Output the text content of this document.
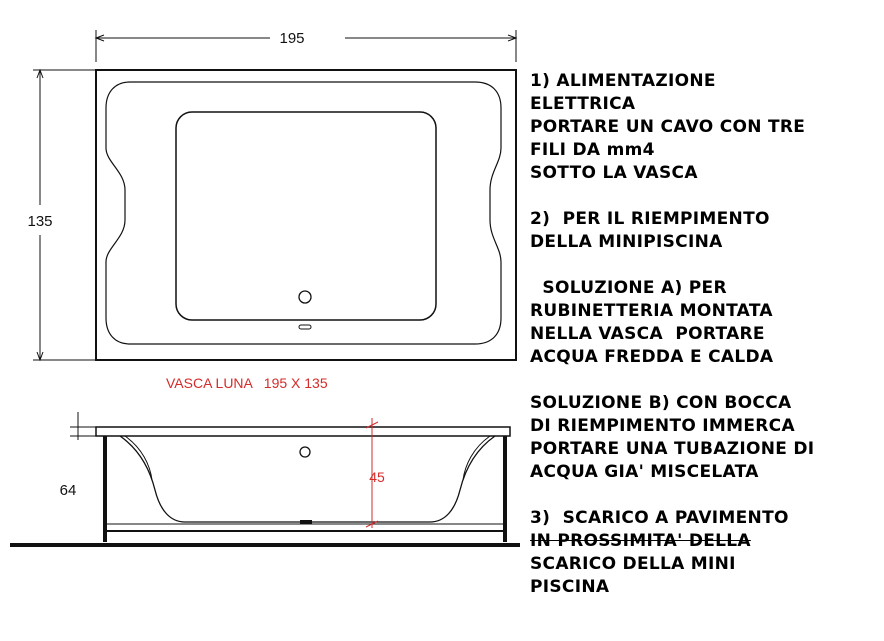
195
135
VASCA LUNA   195 X 135
45
64
1) ALIMENTAZIONE
ELETTRICA
PORTARE UN CAVO CON TRE
FILI DA mm4
SOTTO LA VASCA
2)  PER IL RIEMPIMENTO
DELLA MINIPISCINA
SOLUZIONE A) PER
RUBINETTERIA MONTATA
NELLA VASCA  PORTARE
ACQUA FREDDA E CALDA
SOLUZIONE B) CON BOCCA
DI RIEMPIMENTO IMMERCA
PORTARE UNA TUBAZIONE DI
ACQUA GIA' MISCELATA
3)  SCARICO A PAVIMENTO
IN PROSSIMITA' DELLA
SCARICO DELLA MINI
PISCINA
